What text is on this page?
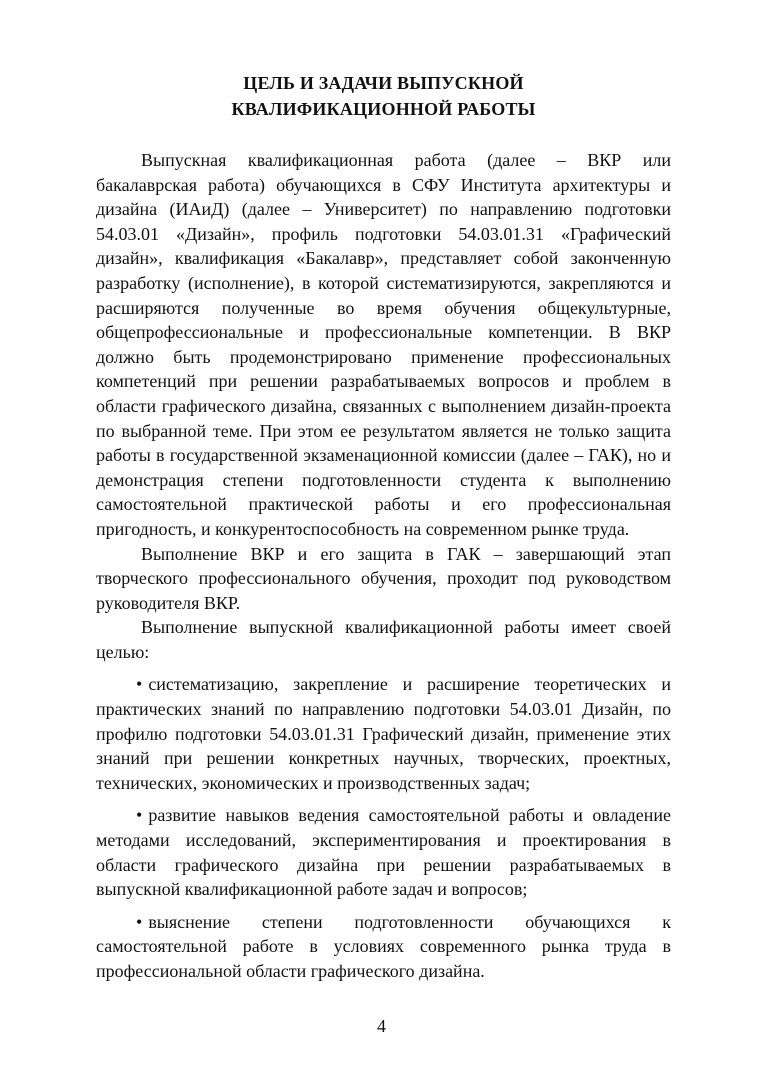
ЦЕЛЬ И ЗАДАЧИ ВЫПУСКНОЙ
КВАЛИФИКАЦИОННОЙ РАБОТЫ

Выпускная квалификационная работа (далее – ВКР или бакалаврская работа) обучающихся в СФУ Института архитектуры и дизайна (ИАиД) (далее – Университет) по направлению подготовки 54.03.01 «Дизайн», профиль подготовки 54.03.01.31 «Графический дизайн», квалификация «Бакалавр», представляет собой законченную разработку (исполнение), в которой систематизируются, закрепляются и расширяются полученные во время обучения общекультурные, общепрофессиональные и профессиональные компетенции. В ВКР должно быть продемонстрировано применение профессиональных компетенций при решении разрабатываемых вопросов и проблем в области графического дизайна, связанных с выполнением дизайн-проекта по выбранной теме. При этом ее результатом является не только защита работы в государственной экзаменационной комиссии (далее – ГАК), но и демонстрация степени подготовленности студента к выполнению самостоятельной практической работы и его профессиональная пригодность, и конкурентоспособность на современном рынке труда.

Выполнение ВКР и его защита в ГАК – завершающий этап творческого профессионального обучения, проходит под руководством руководителя ВКР.

Выполнение выпускной квалификационной работы имеет своей целью:

• систематизацию, закрепление и расширение теоретических и практических знаний по направлению подготовки 54.03.01 Дизайн, по профилю подготовки 54.03.01.31 Графический дизайн, применение этих знаний при решении конкретных научных, творческих, проектных, технических, экономических и производственных задач;
• развитие навыков ведения самостоятельной работы и овладение методами исследований, экспериментирования и проектирования в области графического дизайна при решении разрабатываемых в выпускной квалификационной работе задач и вопросов;
• выяснение степени подготовленности обучающихся к самостоятельной работе в условиях современного рынка труда в профессиональной области графического дизайна.
4
